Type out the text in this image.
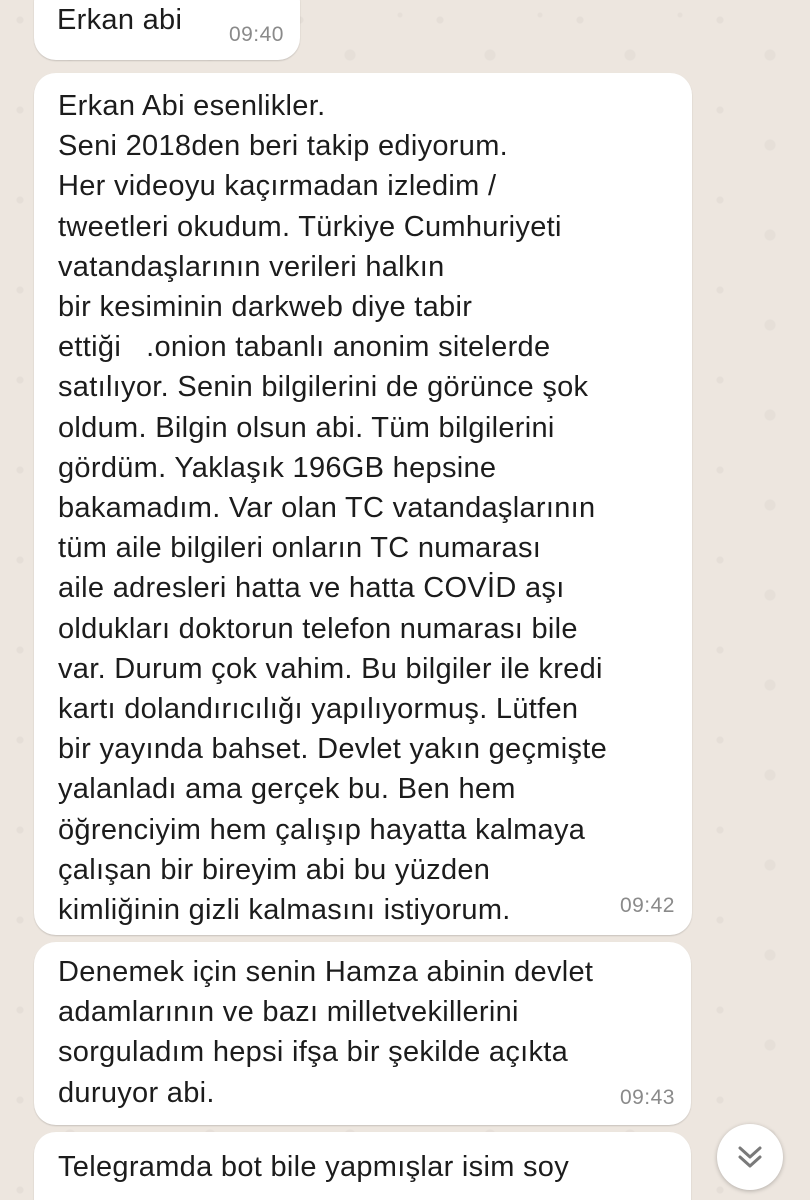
Erkan abi 09:40
Erkan Abi esenlikler.
Seni 2018den beri takip ediyorum.
Her videoyu kaçırmadan izledim /
tweetleri okudum. Türkiye Cumhuriyeti
vatandaşlarının verileri halkın
bir kesiminin darkweb diye tabir
ettiği   .onion tabanlı anonim sitelerde
satılıyor. Senin bilgilerini de görünce şok
oldum. Bilgin olsun abi. Tüm bilgilerini
gördüm. Yaklaşık 196GB hepsine
bakamadım. Var olan TC vatandaşlarının
tüm aile bilgileri onların TC numarası
aile adresleri hatta ve hatta COVİD aşı
oldukları doktorun telefon numarası bile
var. Durum çok vahim. Bu bilgiler ile kredi
kartı dolandırıcılığı yapılıyormuş. Lütfen
bir yayında bahset. Devlet yakın geçmişte
yalanladı ama gerçek bu. Ben hem
öğrenciyim hem çalışıp hayatta kalmaya
çalışan bir bireyim abi bu yüzden
kimliğinin gizli kalmasını istiyorum.	09:42
Denemek için senin Hamza abinin devlet
adamlarının ve bazı milletvekillerini
sorguladım hepsi ifşa bir şekilde açıkta
duruyor abi.	09:43
Telegramda bot bile yapmışlar isim soy
